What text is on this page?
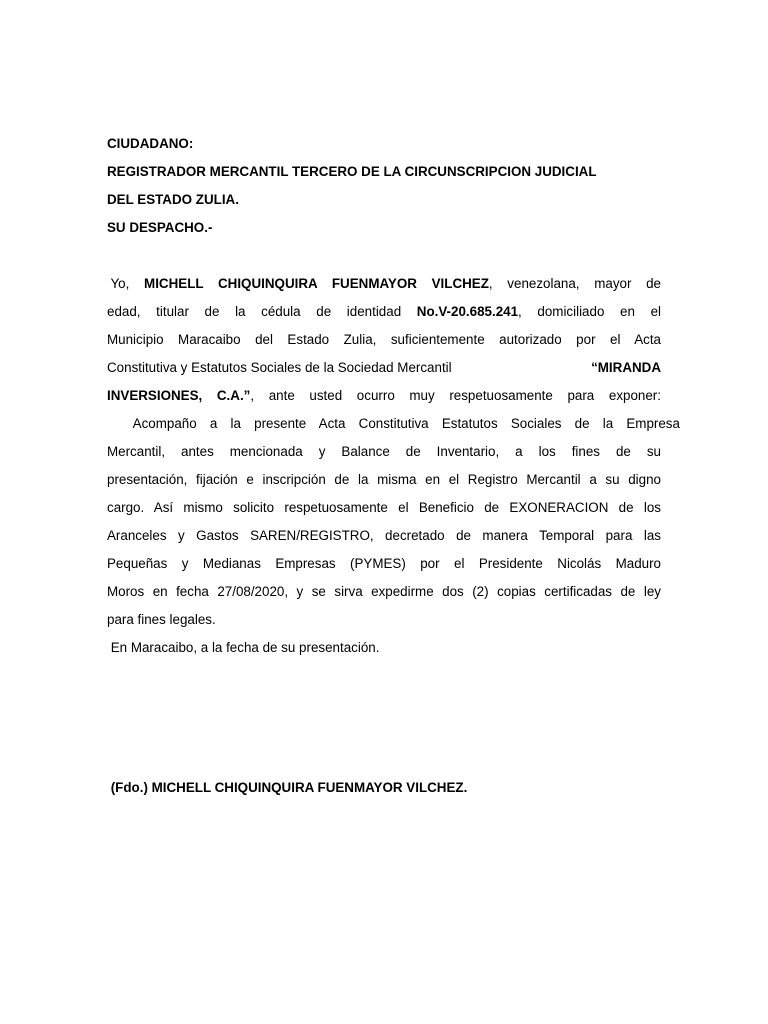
CIUDADANO:
REGISTRADOR MERCANTIL TERCERO DE LA CIRCUNSCRIPCION JUDICIAL
DEL ESTADO ZULIA.
SU DESPACHO.-
Yo, MICHELL CHIQUINQUIRA FUENMAYOR VILCHEZ, venezolana, mayor de
edad, titular de la cédula de identidad No.V-20.685.241, domiciliado en el
Municipio Maracaibo del Estado Zulia, suficientemente autorizado por el Acta
Constitutiva y Estatutos Sociales de la Sociedad Mercantil	“MIRANDA
INVERSIONES, C.A.”, ante usted ocurro muy respetuosamente para exponer:
Acompaño a la presente Acta Constitutiva Estatutos Sociales de la Empresa
Mercantil, antes mencionada y Balance de Inventario, a los fines de su
presentación, fijación e inscripción de la misma en el Registro Mercantil a su digno
cargo. Así mismo solicito respetuosamente el Beneficio de EXONERACION de los
Aranceles y Gastos SAREN/REGISTRO, decretado de manera Temporal para las
Pequeñas y Medianas Empresas (PYMES) por el Presidente Nicolás Maduro
Moros en fecha 27/08/2020, y se sirva expedirme dos (2) copias certificadas de ley
para fines legales.
En Maracaibo, a la fecha de su presentación.
(Fdo.) MICHELL CHIQUINQUIRA FUENMAYOR VILCHEZ.
